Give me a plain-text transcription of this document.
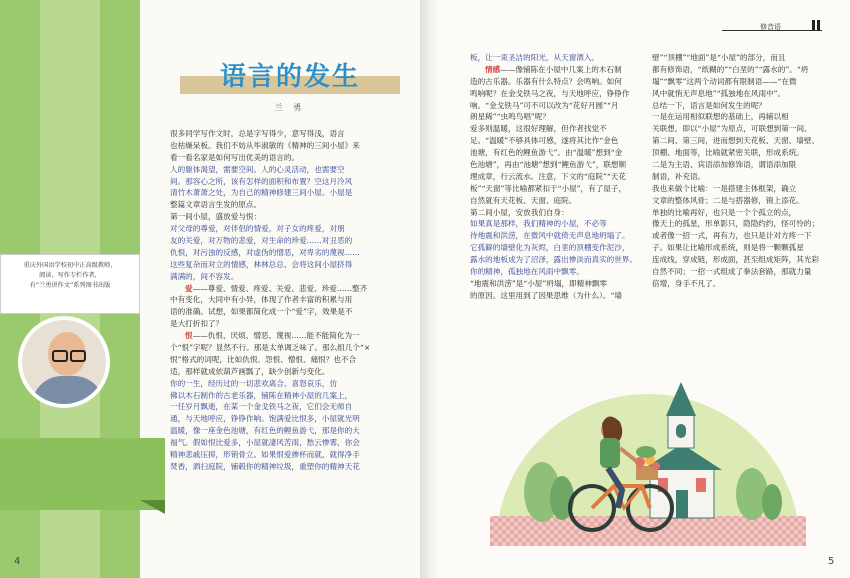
重庆外国语学校初中正高级教师，
阅读、写作专栏作者，
有“兰勇讲作文”系列图书出版
语言的发生
兰 勇
很多同学写作文时，总是字写得少，意写得浅，语言
也枯燥呆板。我们不妨从毕淑敏的《精神的三间小屋》来
看一看名家是如何写出优美的语言的。
人的躯体渴望，需要空间。人的心灵活动，也需要空
间。那容心之所，该有怎样的面积和布置？空这月冷风
清竹木萧萧之处，为自己的精神修建三间小屋。小屋是
整篇文章语言生发的原点。
第一间小屋，盛放爱与恨：
对父母的尊爱，对伴侣的情爱，对子女的疼爱，对朋
友的关爱，对万物的悲爱，对生命的珍爱……对丑恶的
仇恨，对污浊的反感，对虚伪的憎恶，对卑劣的蔑视……
这些复杂而对立的情感，林林总总、会将这间小屋挤得
满满的，间不容发。
爱——尊爱、情爱、疼爱、关爱、悲爱、珍爱……整齐
中有变化，大同中有小异，体现了作者丰富的积累与用
语的准确。试想，如果都简化成一个“爱”字，效果是不
是大打折扣了？
恨——仇恨、厌烦、憎恶、蔑视……能不能简化为一
个“恨”字呢？显然不行。那是太单调乏味了。那么组几个“×
恨”格式的词呢，比如仇恨、怨恨、憎恨、痛恨？也不合
适，那样就成依葫芦画瓢了，缺少创新与变化。
你的一生，经历过的一切悲欢离合、喜怒哀乐，仿
佛以木石制作的古老乐器，铺陈在精神小屋的几案上，
一任岁月飘逝，在某一个金戈铁马之夜，它们会无师自
通，与天地呼应，铮铮作响。饱满爱比恨多，小屋就光明
温暖，像一座金色池塘，有红色的鲤鱼游弋，那是你的大
福气。假如恨比爱多，小屋就凄风苦雨，愁云惨雾，你会
精神悲戚压抑，形销骨立。如果恨爱掺杯而就，就得净手
焚香，洒扫庭院，铺毂你的精神垃圾，重塑你的精神天花
4
修音语
板，让一束圣洁的阳光，从天窗洒入。
情感——像铺陈在小屋中几案上的木石制
造的古乐器。乐器有什么特点？会鸣响。如何
鸣响呢？在金戈铁马之夜，与天地呼应，铮铮作
响。“金戈铁马”可不可以改为“花好月圆”“月
朗星稀”“虫鸣鸟唱”呢？
爱多则温暖，这很好理解，但作者找觉不
足。“温暖”不够具体可感，遂将其比作“金色
池塘，有红色的鲤鱼游弋”。由“温暖”想到“金
色池塘”，再由“池塘”想到“鲤鱼游弋”，联想顺
理成章，行云流水。注意，下文的“庭院”“天花
板”“天窗”等比喻都紧扣于“小屋”，有了屋子，
自然就有天花板、天窗、庭院。
第二间小屋，安放我们自身：
如果真是那样，我们精神的小屋，不必等
待地震和洪涝，在微风中就倚无声息地坍塌了。
它孤僻的墙壁化为灰烬，白垩的顶棚变作泥沙，
露水的地板成为了沼泽，露出惨淡而真实的世界。
你的精神，孤独地在风雨中飘零。
“地震和洪涝”是“小屋”坍塌，即精神飘零
的原因。这里用到了因果思维（为什么）。“墙
壁”“顶棚”“地面”是“小屋”的部分，而且
都有修饰语，“纸糊的”“白垩的”“露水的”。“坍
塌”“飘零”这两个动词都有限制语——“在微
风中就悄无声息地”“孤独地在风雨中”。
总结一下，语言是如何发生的呢？
一是在运用相似联想的基础上，再辅以相
关联想，即以“小屋”为原点，可联想到第一间、
第二间、第三间，进而想到天花板、天窗、墙壁、
顶棚、地面等，比喻就紧密关联，形成系统。
二是为主语、宾语添加修饰语，谓语添加限
制语，补充语。
我也来做个比喻：一是搭建主体框架，确立
文章的整体风骨；二是与搭器修，锦上添花。
单独的比喻再好，也只是一个个孤立的点，
像天上的孤星，形单影只，隐隐约约，怪可怜的；
或者像一招一式，再有力，也只是计对方疼一下
子。如果让比喻形成系统，则是将一颗颗孤星
连成线，穿成链，形成面，甚至组成矩阵，其光彩
自然不同；一招一式组成了拳法套路，那就力量
倍增，身手不凡了。
5
